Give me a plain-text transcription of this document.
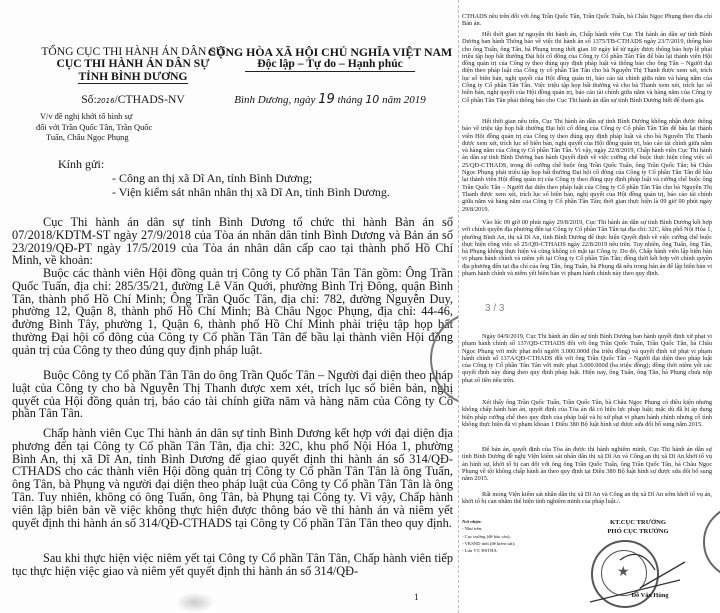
TỔNG CỤC THI HÀNH ÁN DÂN SỰ
CỤC THI HÀNH ÁN DÂN SỰ
TỈNH BÌNH DƯƠNG
CỘNG HÒA XÃ HỘI CHỦ NGHĨA VIỆT NAM
Độc lập – Tự do – Hạnh phúc
Số:2016/CTHADS-NV	Bình Dương, ngày 19 tháng 10 năm 2019
V/v đề nghị khởi tố hình sự
đối với Trần Quốc Tân, Trần Quốc
Tuấn, Châu Ngọc Phụng
Kính gửi:
- Công an thị xã Dĩ An, tỉnh Bình Dương;
- Viện kiểm sát nhân nhân thị xã Dĩ An, tỉnh Bình Dương.
Cục Thi hành án dân sự tỉnh Bình Dương tổ chức thi hành Bản án số 07/2018/KDTM-ST ngày 27/9/2018 của Tòa án nhân dân tỉnh Bình Dương và Bản án số 23/2019/QĐ-PT ngày 17/5/2019 của Tòa án nhân dân cấp cao tại thành phố Hồ Chí Minh, về khoản:
Buộc các thành viên Hội đồng quản trị Công ty Cổ phần Tân Tân gồm: Ông Trần Quốc Tuấn, địa chỉ: 285/35/21, đường Lê Văn Quới, phường Bình Trị Đông, quận Bình Tân, thành phố Hồ Chí Minh; Ông Trần Quốc Tân, địa chỉ: 782, đường Nguyễn Duy, phường 12, Quận 8, thành phố Hồ Chí Minh; Bà Châu Ngọc Phụng, địa chỉ: 44-46, đường Bình Tây, phường 1, Quận 6, thành phố Hồ Chí Minh phải triệu tập họp bất thường Đại hội cổ đông của Công ty Cổ phần Tân Tân để bầu lại thành viên Hội đồng quản trị của Công ty theo đúng quy định pháp luật.
Buộc Công ty Cổ phần Tân Tân do ông Trần Quốc Tân – Người đại diện theo pháp luật của Công ty cho bà Nguyễn Thị Thanh được xem xét, trích lục sổ biên bản, nghị quyết của Hội đồng quản trị, báo cáo tài chính giữa năm và hàng năm của Công ty Cổ phần Tân Tân.
Chấp hành viên Cục Thi hành án dân sự tỉnh Bình Dương kết hợp với đại diện địa phương đến tại Công ty Cổ phần Tân Tân, địa chỉ: 32C, khu phố Nội Hóa 1, phường Bình An, thị xã Dĩ An, tỉnh Bình Dương để giao quyết định thi hành án số 314/QĐ-CTHADS cho các thành viên Hội đồng quản trị Công ty Cổ phần Tân Tân là ông Tuấn, ông Tân, bà Phụng và người đại diện theo pháp luật của Công ty Cổ phần Tân Tân là ông Tân. Tuy nhiên, không có ông Tuấn, ông Tân, bà Phụng tại Công ty. Vì vậy, Chấp hành viên lập biên bản về việc không thực hiện được thông báo về thi hành án và niêm yết quyết định thi hành án số 314/QĐ-CTHADS tại Công ty Cổ phần Tân Tân theo quy định.
Sau khi thực hiện việc niêm yết tại Công ty Cổ phần Tân Tân, Chấp hành viên tiếp tục thực hiện việc giao và niêm yết quyết định thi hành án số 314/QĐ-
1
CTHADS nêu trên đối với ông Trần Quốc Tân, Trần Quốc Tuấn, bà Châu Ngọc Phụng theo địa chỉ Bản án.
Hết thời gian tự nguyện thi hành án, Chấp hành viên Cục Thi hành án dân sự tỉnh Bình Dương ban hành Thông báo về việc thi hành án số 1375/TB-CTHADS ngày 23/7/2019, thông báo cho ông Tuấn, ông Tân, bà Phụng trong thời gian 10 ngày kể từ ngày được thông báo hợp lệ phải triệu tập họp bất thường Đại hội cổ đông của Công ty Cổ phần Tân Tân để bầu lại thành viên Hội đồng quản trị của Công ty theo đúng quy định pháp luật và thông báo cho ông Tân – Người đại diện theo pháp luật của Công ty cổ phần Tân Tân cho bà Nguyễn Thị Thanh được xem xét, trích lục sổ biên bản, nghị quyết của Hội đồng quản trị, báo cáo tài chính giữa năm và hàng năm của Công ty Cổ phần Tân Tân. Việc triệu tập họp bất thường và cho bà Thanh xem xét, trích lục sổ biên bản, nghị quyết của Hội đồng quản trị, báo cáo tài chính giữa năm và hàng năm của Công ty Cổ phần Tân Tân phải thông báo cho Cục Thi hành án dân sự tỉnh Bình Dương biết để tham gia.
Hết thời gian nêu trên, Cục Thi hành án dân sự tỉnh Bình Dương không nhận được thông báo về triệu tập họp bất thường Đại hội cổ đông của Công ty Cổ phần Tân Tân để bầu lại thành viên Hội đồng quản trị của Công ty theo đúng quy định pháp luật và cho bà Nguyễn Thị Thanh được xem xét, trích lục sổ biên bản, nghị quyết của Hội đồng quản trị, báo cáo tài chính giữa năm và hàng năm của Công ty Cổ phần Tân Tân. Vì vậy, ngày 22/8/2019, Chấp hành viên Cục Thi hành án dân sự tỉnh Bình Dương ban hành Quyết định về việc cưỡng chế buộc thực hiện công việc số 25/QĐ-CTHADS, trong đó cưỡng chế buộc ông Trần Quốc Tuấn, ông Trần Quốc Tân; bà Châu Ngọc Phụng phải triệu tập họp bất thường Đại hội cổ đông của Công ty Cổ phần Tân Tân để bầu lại thành viên Hội đồng quản trị của Công ty theo đúng quy định pháp luật và cưỡng chế buộc ông Trần Quốc Tân – Người đại diện theo pháp luật của Công ty Cổ phần Tân Tân cho bà Nguyễn Thị Thanh được xem xét, trích lục sổ biên bản, nghị quyết của Hội đồng quản trị, báo cáo tài chính giữa năm và hàng năm của Công ty Cổ phần Tân Tân; thời gian thực hiện là 09 giờ 00 phút ngày 29/8/2019.
Vào lúc 09 giờ 00 phút ngày 29/8/2019, Cục Thi hành án dân sự tỉnh Bình Dương kết hợp với chính quyền địa phương đến tại Công ty Cổ phần Tân Tân tại địa chỉ: 32C, khu phố Nội Hóa 1, phường Bình An, thị xã Dĩ An, tỉnh Bình Dương để thực hiện Quyết định về việc cưỡng chế buộc thực hiện công việc số 25/QĐ-CTHADS ngày 22/8/2019 nêu trên. Tuy nhiên, ông Tuấn, ông Tân, bà Phụng không thực hiện và cũng không có mặt tại Công ty. Do đó, Chấp hành viên lập biên bản vi phạm hành chính và niêm yết tại Công ty Cổ phần Tân Tân; đồng thời kết hợp với chính quyền địa phương đến tại địa chỉ của ông Tân, ông Tuấn, bà Phụng đã nêu trong bản án để lập biên bản vi phạm hành chính và niêm yết biên bản vi phạm hành chính này theo quy định.
3 / 3
Ngày 04/9/2019, Cục Thi hành án dân sự tỉnh Bình Dương ban hành quyết định xử phạt vi phạm hành chính số 137/QĐ-CTHADS đối với ông Trần Quốc Tuấn, Trần Quốc Tân, bà Châu Ngọc Phụng với mức phạt mỗi người 3.000.000đ (ba triệu đồng) và quyết định xử phạt vi phạm hành chính số 137A/QĐ-CTHADS đối với ông Trần Quốc Tân – Người đại diện theo pháp luật của Công ty Cổ phần Tân Tân với mức phạt 3.000.000đ (ba triệu đồng); đồng thời niêm yết các quyết định này đúng theo quy định pháp luật. Hiện nay, ông Tuấn, ông Tân, bà Phụng chưa nộp phạt số tiền nêu trên.
Xét thấy ông Trần Quốc Tuấn, Trần Quốc Tân, bà Châu Ngọc Phụng có điều kiện nhưng không chấp hành bản án, quyết định của Tòa án đã có hiệu lực pháp luật; mặc dù đã bị áp dụng biện pháp cưỡng chế theo quy định của pháp luật và bị xử phạt vi phạm hành chính nhưng cố tình không thực hiện đã vi phạm khoản 1 Điều 380 Bộ luật hình sự được sửa đổi bổ sung năm 2015.
Để bản án, quyết định của Tòa án được thi hành nghiêm minh, Cục Thi hành án dân sự tỉnh Bình Dương đề nghị Viện kiểm sát nhân dân thị xã Dĩ An và Công an thị xã Dĩ An khởi tố vụ án hình sự, khởi tố bị can đối với ông ông Trần Quốc Tuấn, ông Trần Quốc Tân, bà Châu Ngọc Phụng về tội không chấp hành án theo quy định tại Điều 380 Bộ luật hình sự được sửa đổi bổ sung năm 2015.
Rất mong Viện kiểm sát nhân dân thị xã Dĩ An và Công an thị xã Dĩ An sớm khởi tố vụ án, khởi tố bị can nhằm thể hiện tính nghiêm minh của pháp luật./.
Nơi nhận:
- Như trên;
- Cục trưởng (để báo cáo);
- VKSND tỉnh (để kiểm sát);
- Lưu VT, HSTHA.
KT.CỤC TRƯỞNG
PHÓ CỤC TRƯỞNG
★
Đỗ Văn Hùng
